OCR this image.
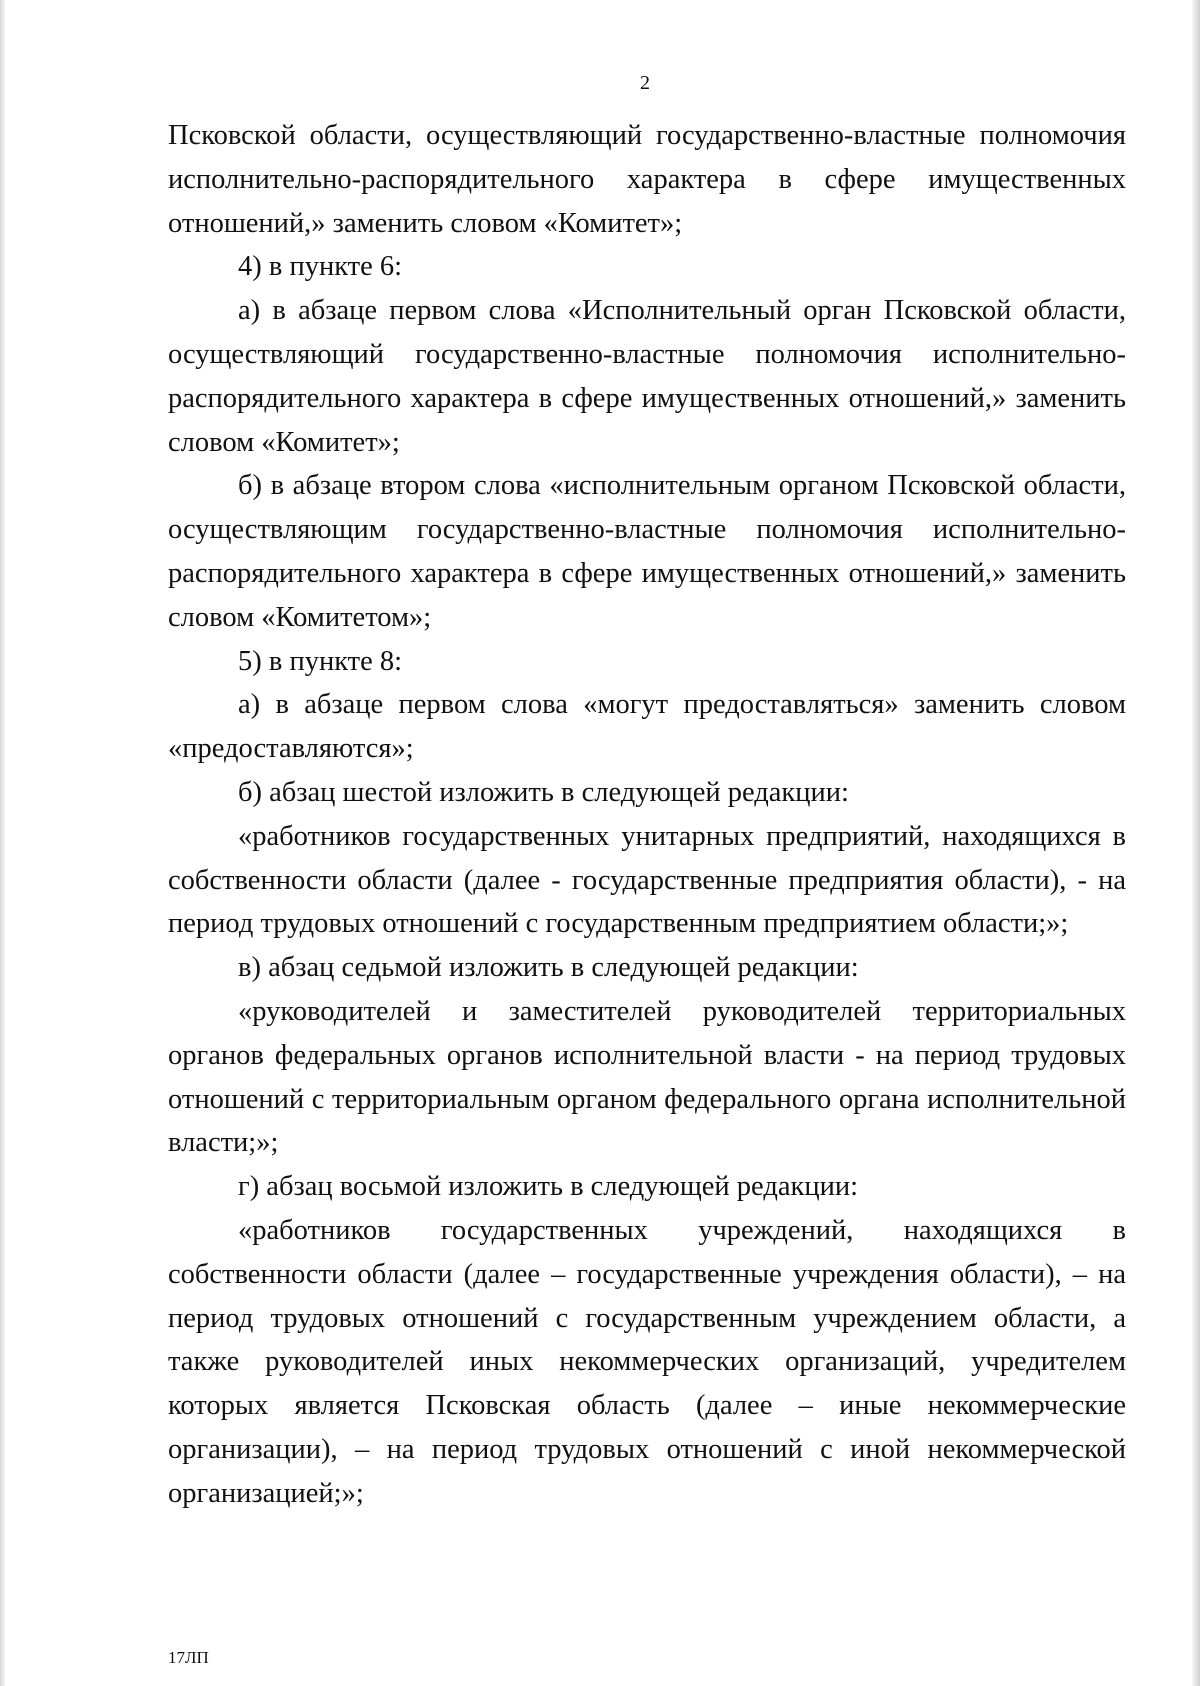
2

Псковской области, осуществляющий государственно-властные полномочия исполнительно-распорядительного характера в сфере имущественных отношений,» заменить словом «Комитет»;

4) в пункте 6:

а) в абзаце первом слова «Исполнительный орган Псковской области, осуществляющий государственно-властные полномочия исполнительно-распорядительного характера в сфере имущественных отношений,» заменить словом «Комитет»;

б) в абзаце втором слова «исполнительным органом Псковской области, осуществляющим государственно-властные полномочия исполнительно-распорядительного характера в сфере имущественных отношений,» заменить словом «Комитетом»;

5) в пункте 8:

а) в абзаце первом слова «могут предоставляться» заменить словом «предоставляются»;

б) абзац шестой изложить в следующей редакции:

«работников государственных унитарных предприятий, находящихся в собственности области (далее - государственные предприятия области), - на период трудовых отношений с государственным предприятием области;»;

в) абзац седьмой изложить в следующей редакции:

«руководителей и заместителей руководителей территориальных органов федеральных органов исполнительной власти - на период трудовых отношений с территориальным органом федерального органа исполнительной власти;»;

г) абзац восьмой изложить в следующей редакции:

«работников государственных учреждений, находящихся в собственности области (далее – государственные учреждения области), – на период трудовых отношений с государственным учреждением области, а также руководителей иных некоммерческих организаций, учредителем которых является Псковская область (далее – иные некоммерческие организации), – на период трудовых отношений с иной некоммерческой организацией;»;

17ЛП
